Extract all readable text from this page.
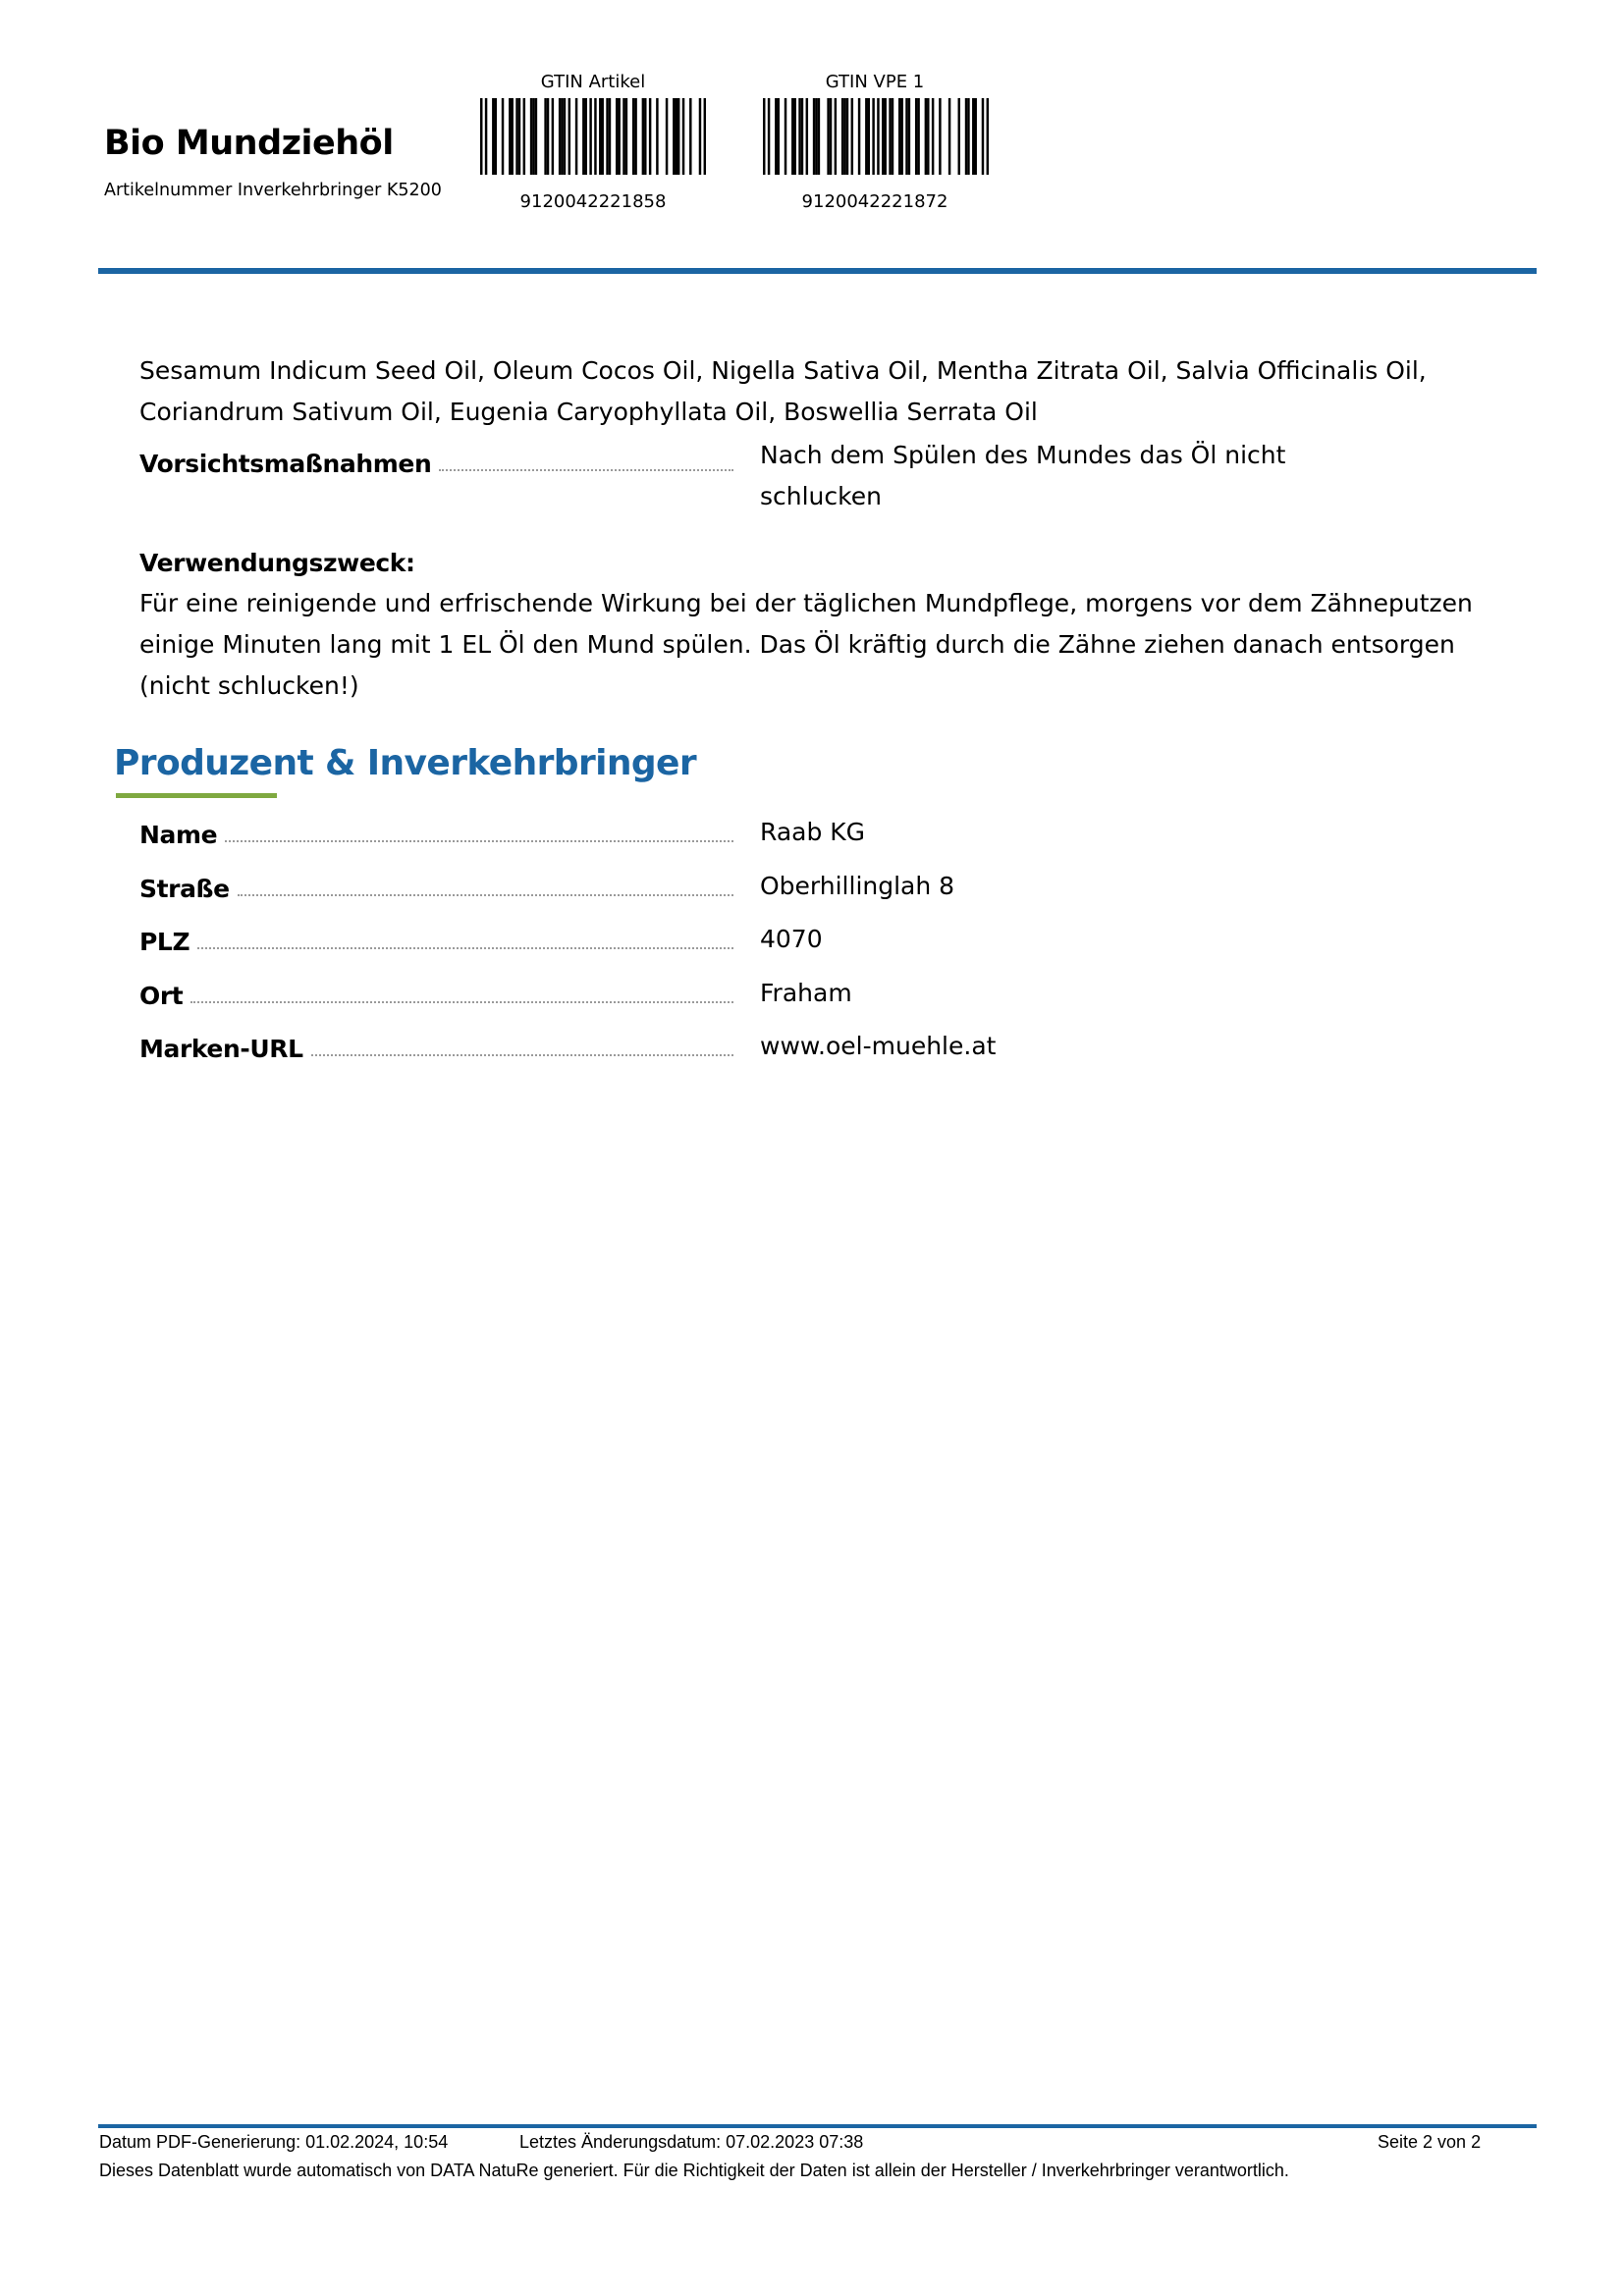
Bio Mundziehöl
Artikelnummer Inverkehrbringer K5200
GTIN Artikel
9120042221858
GTIN VPE 1
9120042221872
Sesamum Indicum Seed Oil, Oleum Cocos Oil, Nigella Sativa Oil, Mentha Zitrata Oil, Salvia Officinalis Oil,
Coriandrum Sativum Oil, Eugenia Caryophyllata Oil, Boswellia Serrata Oil
Vorsichtsmaßnahmen	Nach dem Spülen des Mundes das Öl nicht
schlucken
Verwendungszweck:
Für eine reinigende und erfrischende Wirkung bei der täglichen Mundpflege, morgens vor dem Zähneputzen
einige Minuten lang mit 1 EL Öl den Mund spülen. Das Öl kräftig durch die Zähne ziehen danach entsorgen
(nicht schlucken!)
Produzent & Inverkehrbringer
Name	Raab KG
Straße	Oberhillinglah 8
PLZ	4070
Ort	Fraham
Marken-URL	www.oel-muehle.at
Datum PDF-Generierung: 01.02.2024, 10:54	Letztes Änderungsdatum: 07.02.2023 07:38	Seite 2 von 2
Dieses Datenblatt wurde automatisch von DATA NatuRe generiert. Für die Richtigkeit der Daten ist allein der Hersteller / Inverkehrbringer verantwortlich.
